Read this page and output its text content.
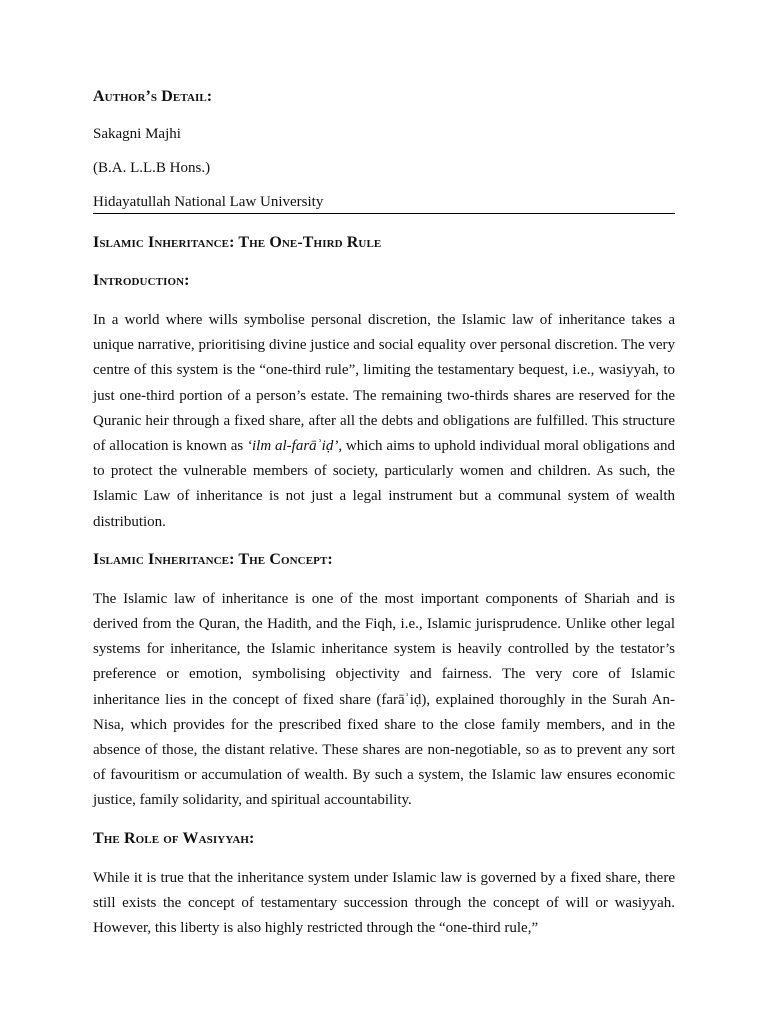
Author’s Detail:
Sakagni Majhi
(B.A. L.L.B Hons.)
Hidayatullah National Law University
Islamic Inheritance: The One-Third Rule
Introduction:

In a world where wills symbolise personal discretion, the Islamic law of inheritance takes a unique narrative, prioritising divine justice and social equality over personal discretion. The very centre of this system is the “one-third rule”, limiting the testamentary bequest, i.e., wasiyyah, to just one-third portion of a person’s estate. The remaining two-thirds shares are reserved for the Quranic heir through a fixed share, after all the debts and obligations are fulfilled. This structure of allocation is known as ‘ilm al-farāʾiḍ’, which aims to uphold individual moral obligations and to protect the vulnerable members of society, particularly women and children. As such, the Islamic Law of inheritance is not just a legal instrument but a communal system of wealth distribution.

Islamic Inheritance: The Concept:

The Islamic law of inheritance is one of the most important components of Shariah and is derived from the Quran, the Hadith, and the Fiqh, i.e., Islamic jurisprudence. Unlike other legal systems for inheritance, the Islamic inheritance system is heavily controlled by the testator’s preference or emotion, symbolising objectivity and fairness. The very core of Islamic inheritance lies in the concept of fixed share (farāʾiḍ), explained thoroughly in the Surah An-Nisa, which provides for the prescribed fixed share to the close family members, and in the absence of those, the distant relative. These shares are non-negotiable, so as to prevent any sort of favouritism or accumulation of wealth. By such a system, the Islamic law ensures economic justice, family solidarity, and spiritual accountability.

The Role of Wasiyyah:

While it is true that the inheritance system under Islamic law is governed by a fixed share, there still exists the concept of testamentary succession through the concept of will or wasiyyah. However, this liberty is also highly restricted through the “one-third rule,”
